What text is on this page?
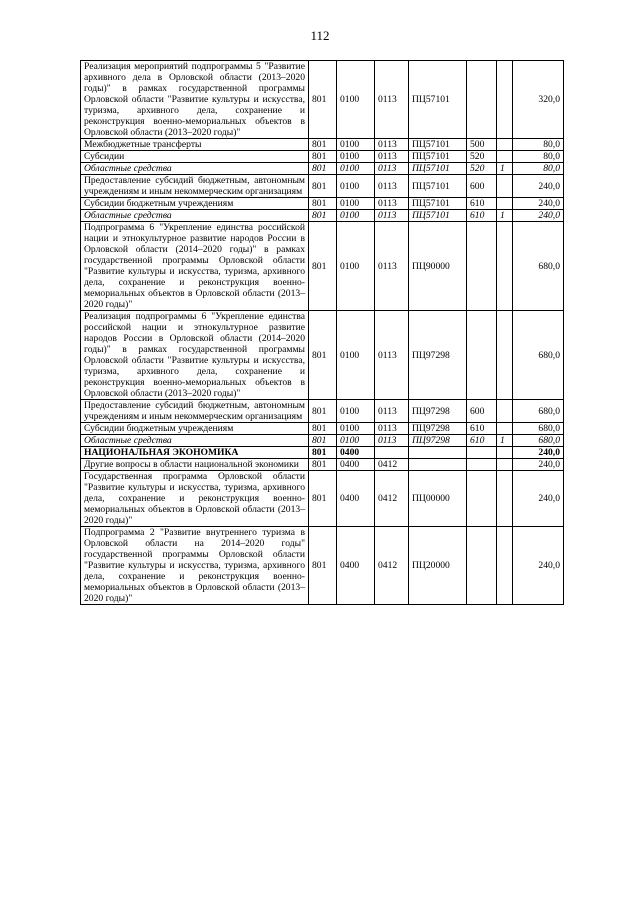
112
Реализация мероприятий подпрограммы 5 "Развитие архивного дела в Орловской области (2013–2020 годы)" в рамках государственной программы Орловской области "Развитие культуры и искусства, туризма, архивного дела, сохранение и реконструкция военно-мемориальных объектов в Орловской области (2013–2020 годы)"	801	0100	0113	ПЦ57101			320,0
Межбюджетные трансферты	801	0100	0113	ПЦ57101	500		80,0
Субсидии	801	0100	0113	ПЦ57101	520		80,0
Областные средства	801	0100	0113	ПЦ57101	520	1	80,0
Предоставление субсидий бюджетным, автономным учреждениям и иным некоммерческим организациям	801	0100	0113	ПЦ57101	600		240,0
Субсидии бюджетным учреждениям	801	0100	0113	ПЦ57101	610		240,0
Областные средства	801	0100	0113	ПЦ57101	610	1	240,0
Подпрограмма 6 "Укрепление единства российской нации и этнокультурное развитие народов России в Орловской области (2014–2020 годы)" в рамках государственной программы Орловской области "Развитие культуры и искусства, туризма, архивного дела, сохранение и реконструкция военно-мемориальных объектов в Орловской области (2013–2020 годы)"	801	0100	0113	ПЦ90000			680,0
Реализация подпрограммы 6 "Укрепление единства российской нации и этнокультурное развитие народов России в Орловской области (2014–2020 годы)" в рамках государственной программы Орловской области "Развитие культуры и искусства, туризма, архивного дела, сохранение и реконструкция военно-мемориальных объектов в Орловской области (2013–2020 годы)"	801	0100	0113	ПЦ97298			680,0
Предоставление субсидий бюджетным, автономным учреждениям и иным некоммерческим организациям	801	0100	0113	ПЦ97298	600		680,0
Субсидии бюджетным учреждениям	801	0100	0113	ПЦ97298	610		680,0
Областные средства	801	0100	0113	ПЦ97298	610	1	680,0
НАЦИОНАЛЬНАЯ ЭКОНОМИКА	801	0400					240,0
Другие вопросы в области национальной экономики	801	0400	0412				240,0
Государственная программа Орловской области "Развитие культуры и искусства, туризма, архивного дела, сохранение и реконструкция военно-мемориальных объектов в Орловской области (2013–2020 годы)"	801	0400	0412	ПЦ00000			240,0
Подпрограмма 2 "Развитие внутреннего туризма в Орловской области на 2014–2020 годы" государственной программы Орловской области "Развитие культуры и искусства, туризма, архивного дела, сохранение и реконструкция военно-мемориальных объектов в Орловской области (2013–2020 годы)"	801	0400	0412	ПЦ20000			240,0
